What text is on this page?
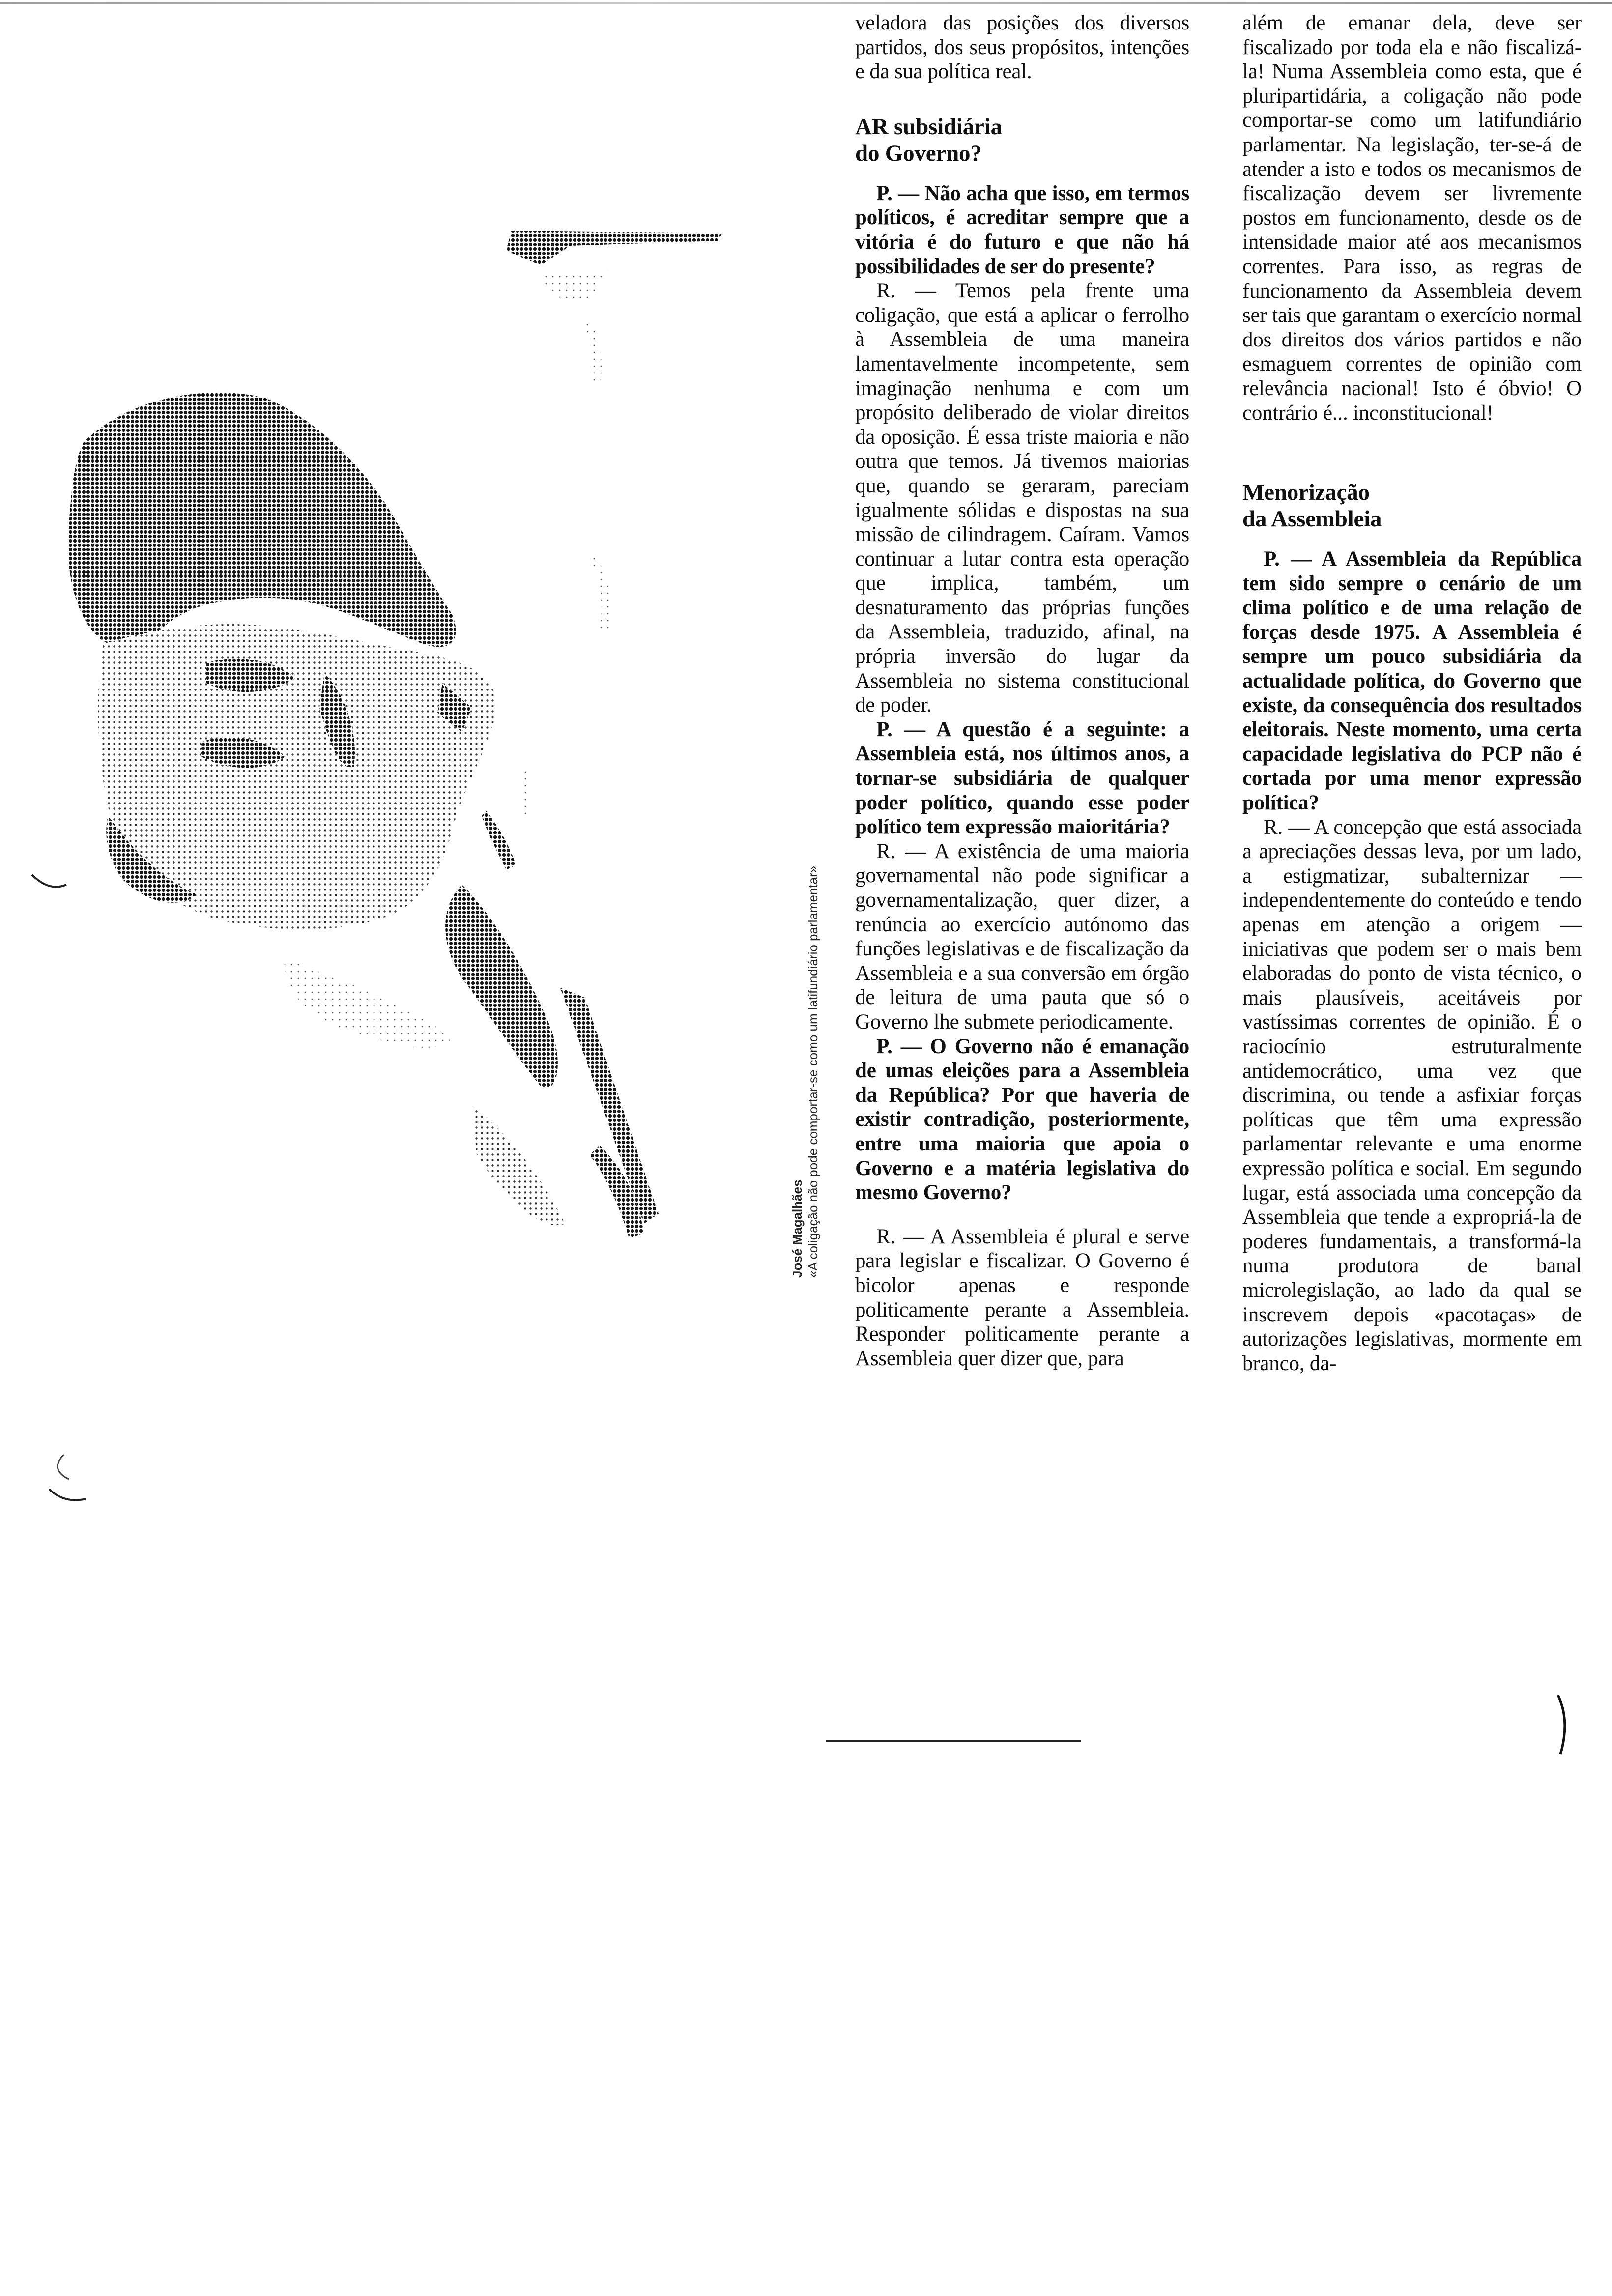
José Magalhães «A coligação não pode comportar-se como um latifundiário parlamentar»

veladora das posições dos diversos partidos, dos seus propósitos, intenções e da sua política real.

AR subsidiária
do Governo?

P. — Não acha que isso, em termos políticos, é acreditar sempre que a vitória é do futuro e que não há possibilidades de ser do presente?

R. — Temos pela frente uma coligação, que está a aplicar o ferrolho à Assembleia de uma maneira lamentavelmente incompetente, sem imaginação nenhuma e com um propósito deliberado de violar direitos da oposição. É essa triste maioria e não outra que temos. Já tivemos maiorias que, quando se geraram, pareciam igualmente sólidas e dispostas na sua missão de cilindragem. Caíram. Vamos continuar a lutar contra esta operação que implica, também, um desnaturamento das próprias funções da Assembleia, traduzido, afinal, na própria inversão do lugar da Assembleia no sistema constitucional de poder.

P. — A questão é a seguinte: a Assembleia está, nos últimos anos, a tornar-se subsidiária de qualquer poder político, quando esse poder político tem expressão maioritária?

R. — A existência de uma maioria governamental não pode significar a governamentalização, quer dizer, a renúncia ao exercício autónomo das funções legislativas e de fiscalização da Assembleia e a sua conversão em órgão de leitura de uma pauta que só o Governo lhe submete periodicamente.

P. — O Governo não é emanação de umas eleições para a Assembleia da República? Por que haveria de existir contradição, posteriormente, entre uma maioria que apoia o Governo e a matéria legislativa do mesmo Governo?

R. — A Assembleia é plural e serve para legislar e fiscalizar. O Governo é bicolor apenas e responde politicamente perante a Assembleia. Responder politicamente perante a Assembleia quer dizer que, para

além de emanar dela, deve ser fiscalizado por toda ela e não fiscalizá-la! Numa Assembleia como esta, que é pluripartidária, a coligação não pode comportar-se como um latifundiário parlamentar. Na legislação, ter-se-á de atender a isto e todos os mecanismos de fiscalização devem ser livremente postos em funcionamento, desde os de intensidade maior até aos mecanismos correntes. Para isso, as regras de funcionamento da Assembleia devem ser tais que garantam o exercício normal dos direitos dos vários partidos e não esmaguem correntes de opinião com relevância nacional! Isto é óbvio! O contrário é... inconstitucional!

Menorização
da Assembleia

P. — A Assembleia da República tem sido sempre o cenário de um clima político e de uma relação de forças desde 1975. A Assembleia é sempre um pouco subsidiária da actualidade política, do Governo que existe, da consequência dos resultados eleitorais. Neste momento, uma certa capacidade legislativa do PCP não é cortada por uma menor expressão política?

R. — A concepção que está associada a apreciações dessas leva, por um lado, a estigmatizar, subalternizar — independentemente do conteúdo e tendo apenas em atenção a origem — iniciativas que podem ser o mais bem elaboradas do ponto de vista técnico, o mais plausíveis, aceitáveis por vastíssimas correntes de opinião. É o raciocínio estruturalmente antidemocrático, uma vez que discrimina, ou tende a asfixiar forças políticas que têm uma expressão parlamentar relevante e uma enorme expressão política e social. Em segundo lugar, está associada uma concepção da Assembleia que tende a expropriá-la de poderes fundamentais, a transformá-la numa produtora de banal microlegislação, ao lado da qual se inscrevem depois «pacotaças» de autorizações legislativas, mormente em branco, da-
